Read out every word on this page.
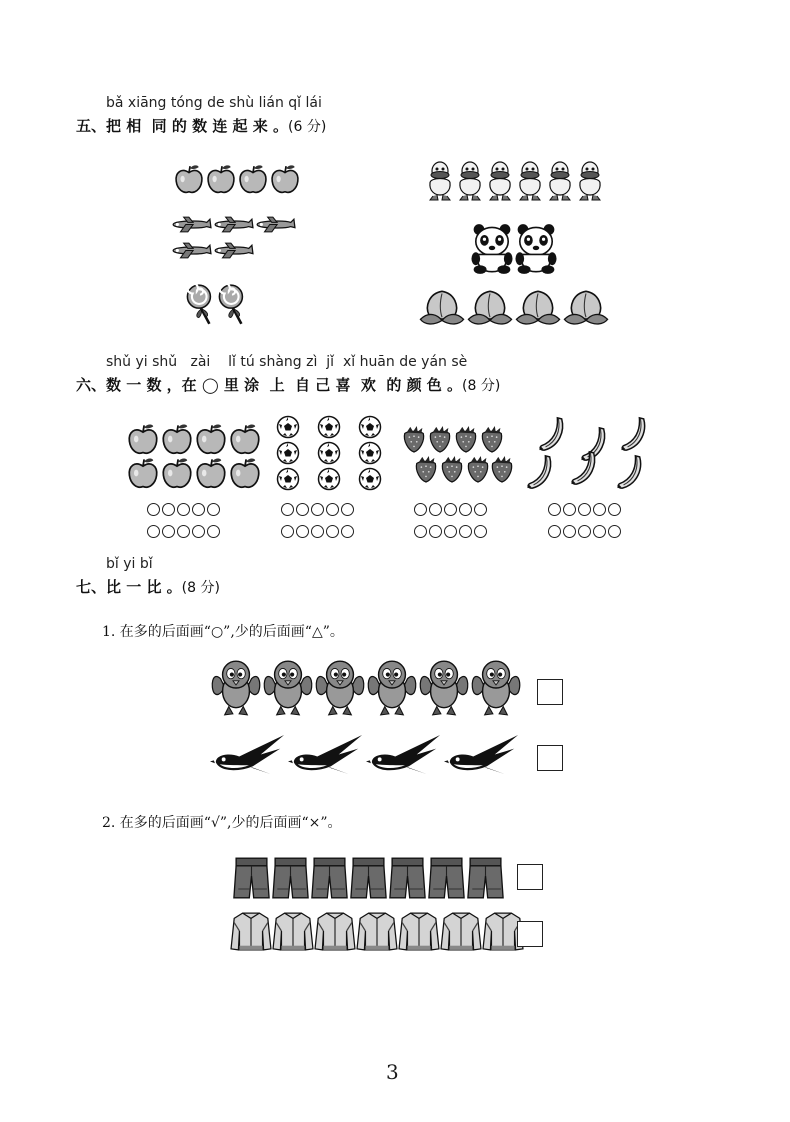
bǎ xiāng tóng de shù lián qǐ lái
五、把 相  同 的 数 连 起 来 。(6 分)
shǔ yi shǔ   zài    lǐ tú shàng zì  jǐ  xǐ huān de yán sè
六、数 一 数 ，在 ◯ 里 涂  上  自 己 喜  欢  的 颜 色 。(8 分)
bǐ yi bǐ
七、比 一 比 。(8 分)
1. 在多的后面画“○”,少的后面画“△”。
2. 在多的后面画“√”,少的后面画“×”。
3
